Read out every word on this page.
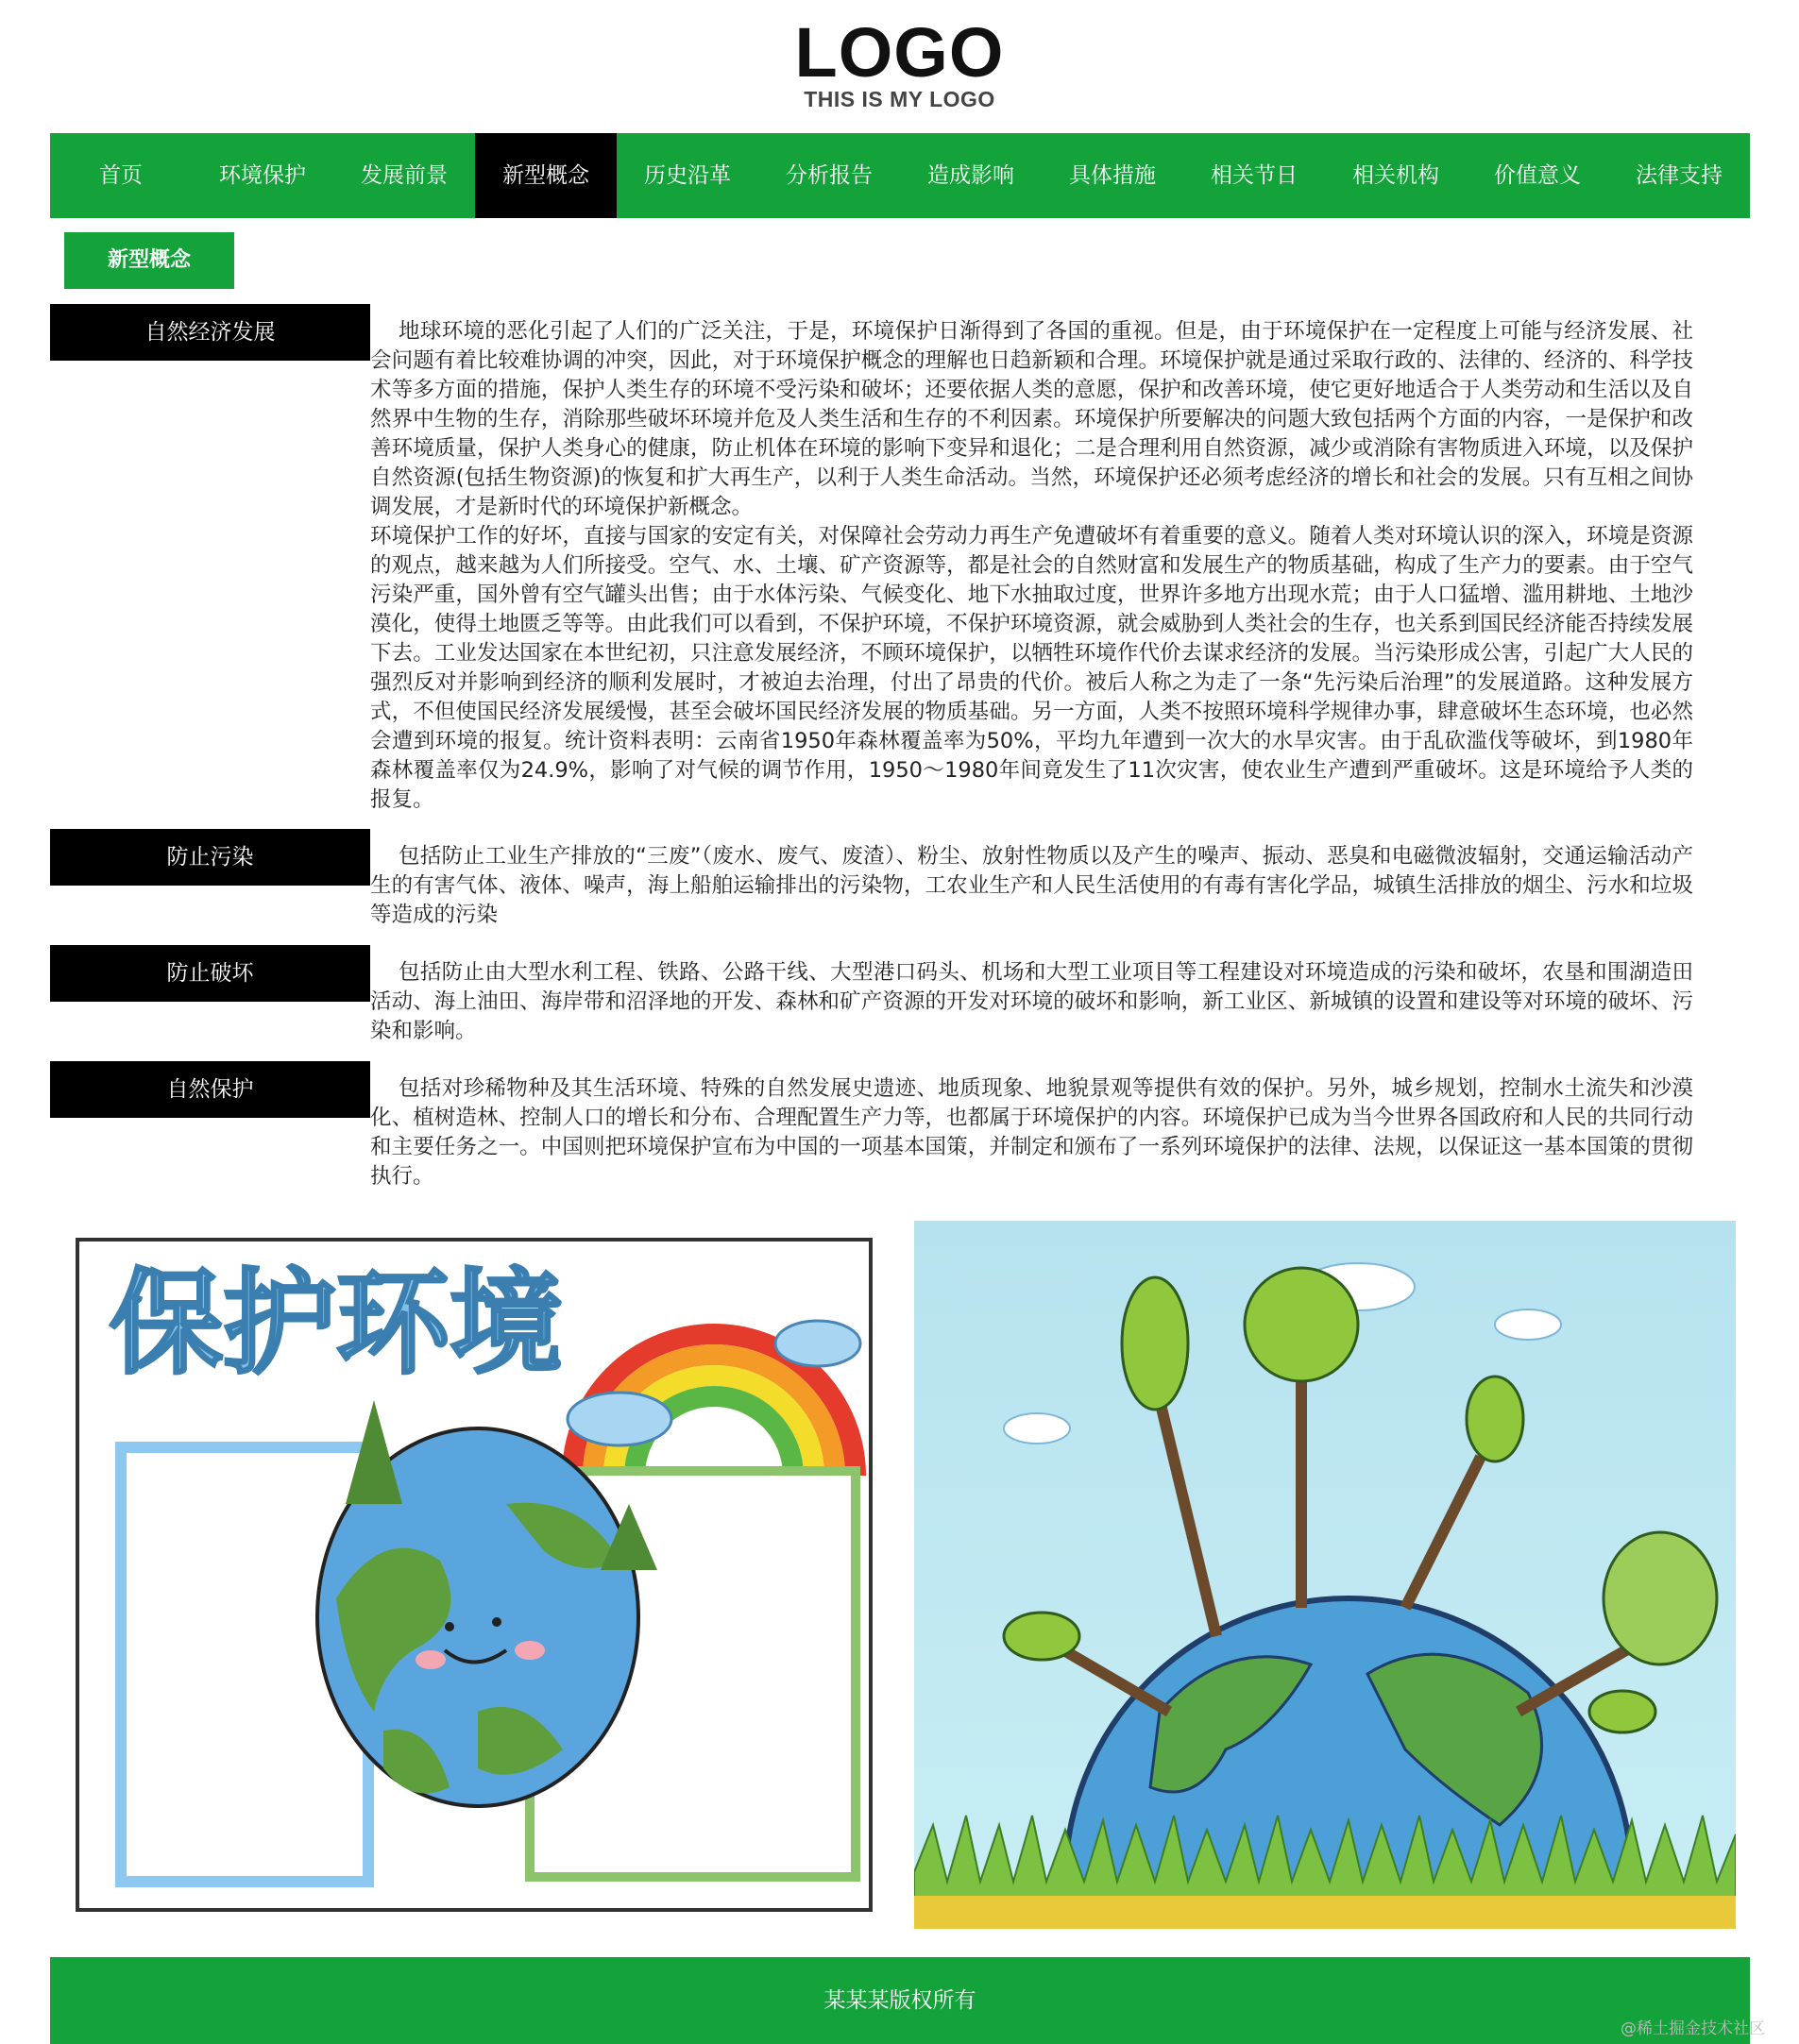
LOGO
THIS IS MY LOGO
首页	环境保护	发展前景	新型概念	历史沿革	分析报告	造成影响	具体措施	相关节日	相关机构	价值意义	法律支持
新型概念
自然经济发展	地球环境的恶化引起了人们的广泛关注，于是，环境保护日渐得到了各国的重视。但是，由于环境保护在一定程度上可能与经济发展、社会问题有着比较难协调的冲突，因此，对于环境保护概念的理解也日趋新颖和合理。环境保护就是通过采取行政的、法律的、经济的、科学技术等多方面的措施，保护人类生存的环境不受污染和破坏；还要依据人类的意愿，保护和改善环境，使它更好地适合于人类劳动和生活以及自然界中生物的生存，消除那些破坏环境并危及人类生活和生存的不利因素。环境保护所要解决的问题大致包括两个方面的内容，一是保护和改善环境质量，保护人类身心的健康，防止机体在环境的影响下变异和退化；二是合理利用自然资源，减少或消除有害物质进入环境，以及保护自然资源(包括生物资源)的恢复和扩大再生产，以利于人类生命活动。当然，环境保护还必须考虑经济的增长和社会的发展。只有互相之间协调发展，才是新时代的环境保护新概念。

环境保护工作的好坏，直接与国家的安定有关，对保障社会劳动力再生产免遭破坏有着重要的意义。随着人类对环境认识的深入，环境是资源的观点，越来越为人们所接受。空气、水、土壤、矿产资源等，都是社会的自然财富和发展生产的物质基础，构成了生产力的要素。由于空气污染严重，国外曾有空气罐头出售；由于水体污染、气候变化、地下水抽取过度，世界许多地方出现水荒；由于人口猛增、滥用耕地、土地沙漠化，使得土地匮乏等等。由此我们可以看到，不保护环境，不保护环境资源，就会威胁到人类社会的生存，也关系到国民经济能否持续发展下去。工业发达国家在本世纪初，只注意发展经济，不顾环境保护，以牺牲环境作代价去谋求经济的发展。当污染形成公害，引起广大人民的强烈反对并影响到经济的顺利发展时，才被迫去治理，付出了昂贵的代价。被后人称之为走了一条“先污染后治理”的发展道路。这种发展方式，不但使国民经济发展缓慢，甚至会破坏国民经济发展的物质基础。另一方面，人类不按照环境科学规律办事，肆意破坏生态环境，也必然会遭到环境的报复。统计资料表明：云南省1950年森林覆盖率为50%，平均九年遭到一次大的水旱灾害。由于乱砍滥伐等破坏，到1980年森林覆盖率仅为24.9%，影响了对气候的调节作用，1950～1980年间竟发生了11次灾害，使农业生产遭到严重破坏。这是环境给予人类的报复。

防止污染	包括防止工业生产排放的“三废”（废水、废气、废渣）、粉尘、放射性物质以及产生的噪声、振动、恶臭和电磁微波辐射，交通运输活动产生的有害气体、液体、噪声，海上船舶运输排出的污染物，工农业生产和人民生活使用的有毒有害化学品，城镇生活排放的烟尘、污水和垃圾等造成的污染

防止破坏	包括防止由大型水利工程、铁路、公路干线、大型港口码头、机场和大型工业项目等工程建设对环境造成的污染和破坏，农垦和围湖造田活动、海上油田、海岸带和沼泽地的开发、森林和矿产资源的开发对环境的破坏和影响，新工业区、新城镇的设置和建设等对环境的破坏、污染和影响。

自然保护	包括对珍稀物种及其生活环境、特殊的自然发展史遗迹、地质现象、地貌景观等提供有效的保护。另外，城乡规划，控制水土流失和沙漠化、植树造林、控制人口的增长和分布、合理配置生产力等，也都属于环境保护的内容。环境保护已成为当今世界各国政府和人民的共同行动和主要任务之一。中国则把环境保护宣布为中国的一项基本国策，并制定和颁布了一系列环境保护的法律、法规，以保证这一基本国策的贯彻执行。

保护环境
某某某版权所有
@稀土掘金技术社区
